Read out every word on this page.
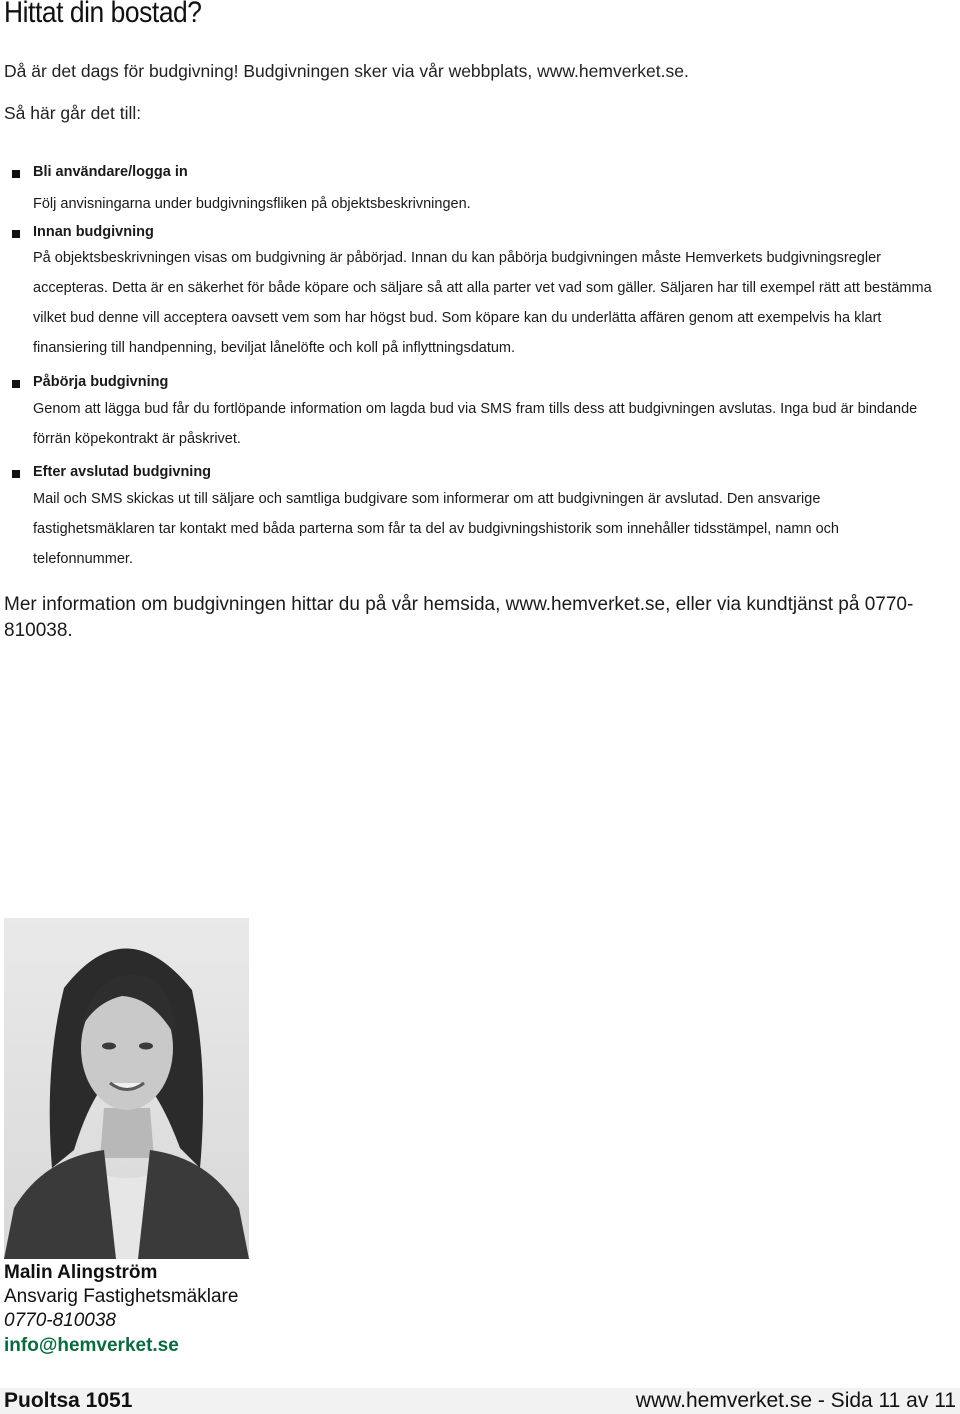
Hittat din bostad?
Då är det dags för budgivning! Budgivningen sker via vår webbplats, www.hemverket.se.
Så här går det till:
Bli användare/logga in
Följ anvisningarna under budgivningsfliken på objektsbeskrivningen.
Innan budgivning
Påbörja budgivning
Efter avslutad budgivning
På objektsbeskrivningen visas om budgivning är påbörjad. Innan du kan påbörja budgivningen måste Hemverkets budgivningsregler
accepteras. Detta är en säkerhet för både köpare och säljare så att alla parter vet vad som gäller. Säljaren har till exempel rätt att bestämma
vilket bud denne vill acceptera oavsett vem som har högst bud. Som köpare kan du underlätta affären genom att exempelvis ha klart
finansiering till handpenning, beviljat lånelöfte och koll på inflyttningsdatum.
Genom att lägga bud får du fortlöpande information om lagda bud via SMS fram tills dess att budgivningen avslutas. Inga bud är bindande
förrän köpekontrakt är påskrivet.
Mail och SMS skickas ut till säljare och samtliga budgivare som informerar om att budgivningen är avslutad. Den ansvarige
fastighetsmäklaren tar kontakt med båda parterna som får ta del av budgivningshistorik som innehåller tidsstämpel, namn och
telefonnummer.
Mer information om budgivningen hittar du på vår hemsida, www.hemverket.se, eller via kundtjänst på 0770-
810038.
Malin Alingström
Ansvarig Fastighetsmäklare
0770-810038
info@hemverket.se
Puoltsa 1051	www.hemverket.se - Sida 11 av 11
